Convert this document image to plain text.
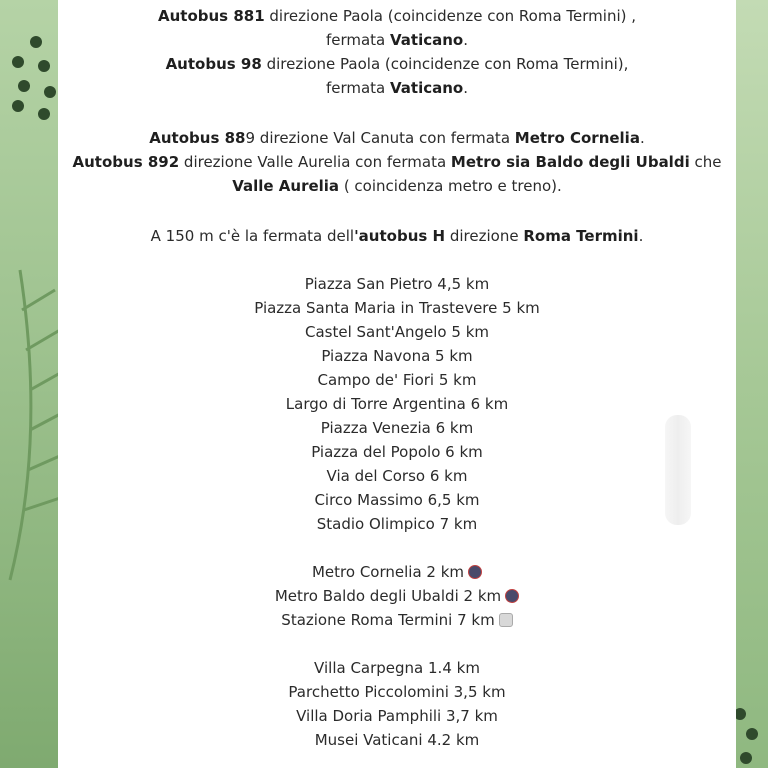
Autobus 881 direzione Paola (coincidenze con Roma Termini) ,
fermata Vaticano.
Autobus 98 direzione Paola (coincidenze con Roma Termini),
fermata Vaticano.
Autobus 889 direzione Val Canuta con fermata Metro Cornelia.
Autobus 892 direzione Valle Aurelia con fermata Metro sia Baldo degli Ubaldi che
Valle Aurelia ( coincidenza metro e treno).
A 150 m c'è la fermata dell'autobus H direzione Roma Termini.
Piazza San Pietro 4,5 km
Piazza Santa Maria in Trastevere 5 km
Castel Sant'Angelo 5 km
Piazza Navona 5 km
Campo de' Fiori 5 km
Largo di Torre Argentina 6 km
Piazza Venezia 6 km
Piazza del Popolo 6 km
Via del Corso 6 km
Circo Massimo 6,5 km
Stadio Olimpico 7 km
Metro Cornelia 2 km
Metro Baldo degli Ubaldi 2 km
Stazione Roma Termini 7 km
Villa Carpegna 1.4 km
Parchetto Piccolomini 3,5 km
Villa Doria Pamphili 3,7 km
Musei Vaticani 4.2 km
